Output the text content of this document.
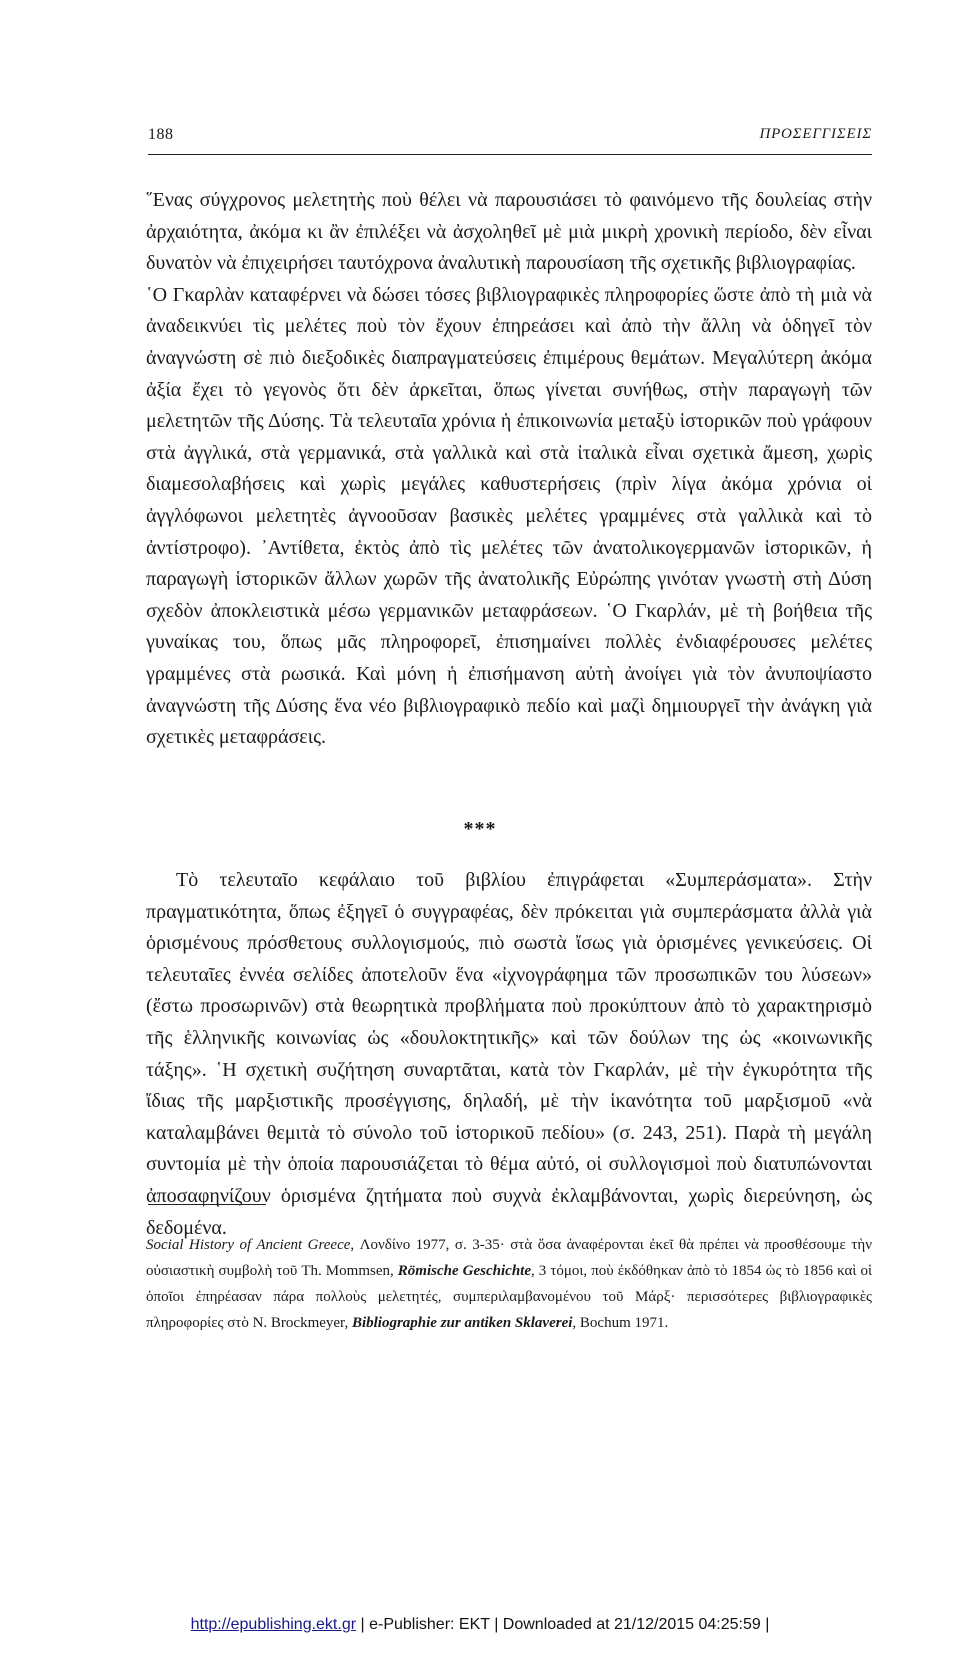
188	ΠΡΟΣΕΓΓΙΣΕΙΣ

῞Ενας σύγχρονος μελετητὴς ποὺ θέλει νὰ παρουσιάσει τὸ φαινόμενο τῆς δουλείας στὴν ἀρχαιότητα, ἀκόμα κι ἂν ἐπιλέξει νὰ ἀσχοληθεῖ μὲ μιὰ μικρὴ χρονικὴ περίοδο, δὲν εἶναι δυνατὸν νὰ ἐπιχειρήσει ταυτόχρονα ἀναλυτικὴ παρουσίαση τῆς σχετικῆς βιβλιογραφίας.

῾Ο Γκαρλὰν καταφέρνει νὰ δώσει τόσες βιβλιογραφικὲς πληροφορίες ὥστε ἀπὸ τὴ μιὰ νὰ ἀναδεικνύει τὶς μελέτες ποὺ τὸν ἔχουν ἐπηρεάσει καὶ ἀπὸ τὴν ἄλλη νὰ ὁδηγεῖ τὸν ἀναγνώστη σὲ πιὸ διεξοδικὲς διαπραγματεύσεις ἐπιμέρους θεμάτων. Μεγαλύτερη ἀκόμα ἀξία ἔχει τὸ γεγονὸς ὅτι δὲν ἀρκεῖται, ὅπως γίνεται συνήθως, στὴν παραγωγὴ τῶν μελετητῶν τῆς Δύσης. Τὰ τελευταῖα χρόνια ἡ ἐπικοινωνία μεταξὺ ἱστορικῶν ποὺ γράφουν στὰ ἀγγλικά, στὰ γερμανικά, στὰ γαλλικὰ καὶ στὰ ἰταλικὰ εἶναι σχετικὰ ἄμεση, χωρὶς διαμεσολαβήσεις καὶ χωρὶς μεγάλες καθυστερήσεις (πρὶν λίγα ἀκόμα χρόνια οἱ ἀγγλόφωνοι μελετητὲς ἀγνοοῦσαν βασικὲς μελέτες γραμμένες στὰ γαλλικὰ καὶ τὸ ἀντίστροφο). ᾿Αντίθετα, ἐκτὸς ἀπὸ τὶς μελέτες τῶν ἀνατολικογερμανῶν ἱστορικῶν, ἡ παραγωγὴ ἱστορικῶν ἄλλων χωρῶν τῆς ἀνατολικῆς Εὐρώπης γινόταν γνωστὴ στὴ Δύση σχεδὸν ἀποκλειστικὰ μέσω γερμανικῶν μεταφράσεων. ῾Ο Γκαρλάν, μὲ τὴ βοήθεια τῆς γυναίκας του, ὅπως μᾶς πληροφορεῖ, ἐπισημαίνει πολλὲς ἐνδιαφέρουσες μελέτες γραμμένες στὰ ρωσικά. Καὶ μόνη ἡ ἐπισήμανση αὐτὴ ἀνοίγει γιὰ τὸν ἀνυποψίαστο ἀναγνώστη τῆς Δύσης ἕνα νέο βιβλιογραφικὸ πεδίο καὶ μαζὶ δημιουργεῖ τὴν ἀνάγκη γιὰ σχετικὲς μεταφράσεις.

***

Τὸ τελευταῖο κεφάλαιο τοῦ βιβλίου ἐπιγράφεται «Συμπεράσματα». Στὴν πραγματικότητα, ὅπως ἐξηγεῖ ὁ συγγραφέας, δὲν πρόκειται γιὰ συμπεράσματα ἀλλὰ γιὰ ὁρισμένους πρόσθετους συλλογισμούς, πιὸ σωστὰ ἴσως γιὰ ὁρισμένες γενικεύσεις. Οἱ τελευταῖες ἐννέα σελίδες ἀποτελοῦν ἕνα «ἰχνογράφημα τῶν προσωπικῶν του λύσεων» (ἔστω προσωρινῶν) στὰ θεωρητικὰ προβλήματα ποὺ προκύπτουν ἀπὸ τὸ χαρακτηρισμὸ τῆς ἑλληνικῆς κοινωνίας ὡς «δουλοκτητικῆς» καὶ τῶν δούλων της ὡς «κοινωνικῆς τάξης». ῾Η σχετικὴ συζήτηση συναρτᾶται, κατὰ τὸν Γκαρλάν, μὲ τὴν ἐγκυρότητα τῆς ἴδιας τῆς μαρξιστικῆς προσέγγισης, δηλαδή, μὲ τὴν ἱκανότητα τοῦ μαρξισμοῦ «νὰ καταλαμβάνει θεμιτὰ τὸ σύνολο τοῦ ἱστορικοῦ πεδίου» (σ. 243, 251). Παρὰ τὴ μεγάλη συντομία μὲ τὴν ὁποία παρουσιάζεται τὸ θέμα αὐτό, οἱ συλλογισμοὶ ποὺ διατυπώνονται ἀποσαφηνίζουν ὁρισμένα ζητήματα ποὺ συχνὰ ἐκλαμβάνονται, χωρὶς διερεύνηση, ὡς δεδομένα.

Social History of Ancient Greece, Λονδίνο 1977, σ. 3-35· στὰ ὅσα ἀναφέρονται ἐκεῖ θὰ πρέπει νὰ προσθέσουμε τὴν οὐσιαστικὴ συμβολὴ τοῦ Th. Mommsen, Römische Geschichte, 3 τόμοι, ποὺ ἐκδόθηκαν ἀπὸ τὸ 1854 ὡς τὸ 1856 καὶ οἱ ὁποῖοι ἐπηρέασαν πάρα πολλοὺς μελετητές, συμπεριλαμβανομένου τοῦ Μάρξ· περισσότερες βιβλιογραφικὲς πληροφορίες στὸ N. Brockmeyer, Bibliographie zur antiken Sklaverei, Bochum 1971.
http://epublishing.ekt.gr | e-Publisher: EKT | Downloaded at 21/12/2015 04:25:59 |
